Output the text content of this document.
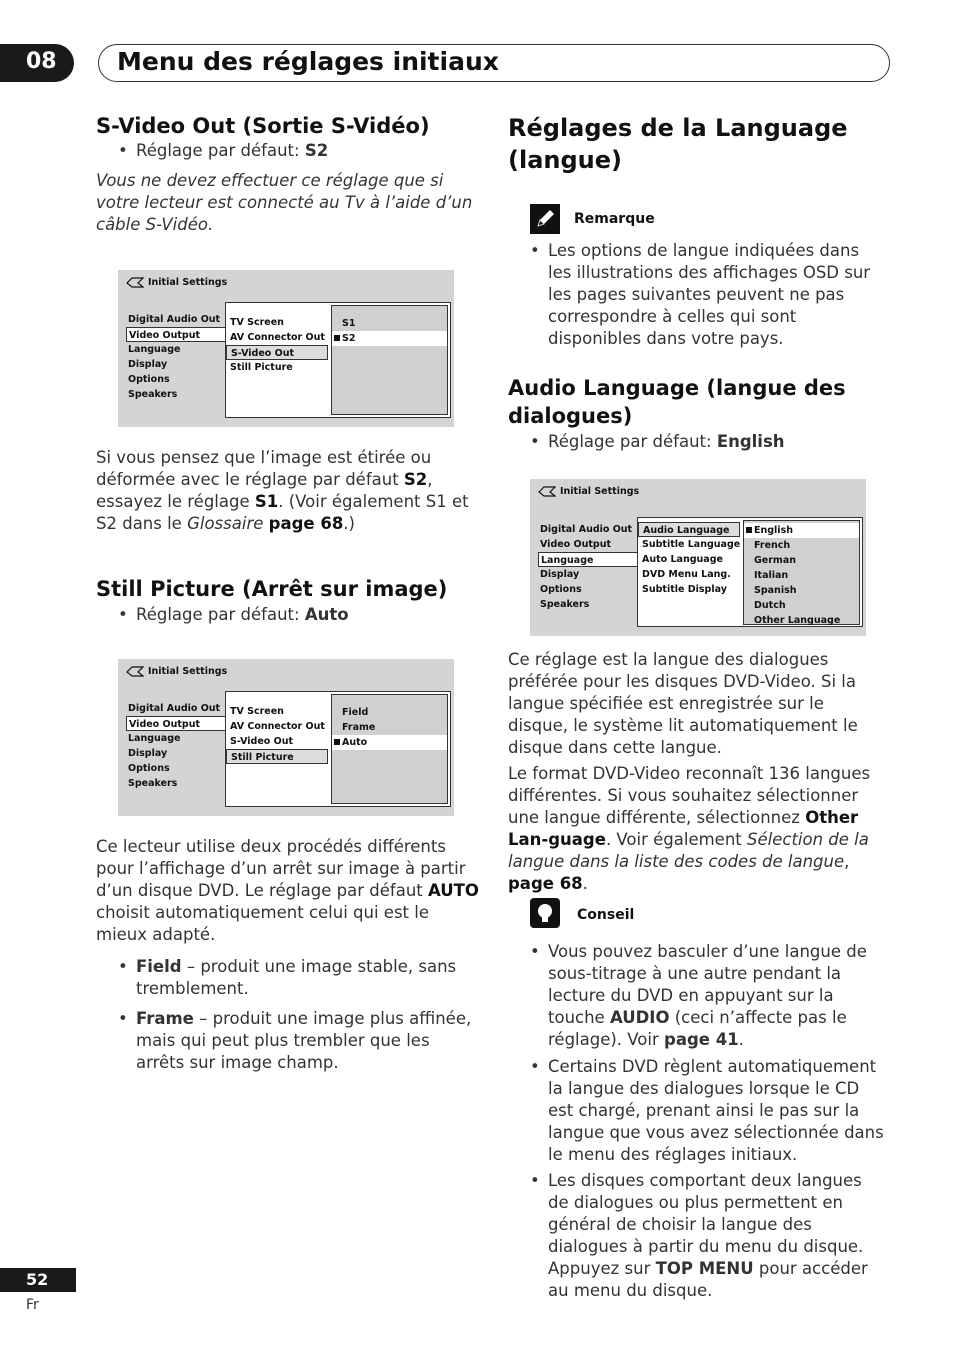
08 Menu des réglages initiaux
S-Video Out (Sortie S-Vidéo)
• Réglage par défaut: S2
Vous ne devez effectuer ce réglage que si votre lecteur est connecté au Tv à l’aide d’un câble S-Vidéo.
Initial Settings
Digital Audio Out
Video Output
Language
Display
Options
Speakers
TV Screen
AV Connector Out
S-Video Out
Still Picture
S1
S2
Si vous pensez que l’image est étirée ou déformée avec le réglage par défaut S2, essayez le réglage S1. (Voir également S1 et S2 dans le Glossaire page 68.)
Still Picture (Arrêt sur image)
• Réglage par défaut: Auto
Initial Settings
Digital Audio Out
Video Output
Language
Display
Options
Speakers
TV Screen
AV Connector Out
S-Video Out
Still Picture
Field
Frame
Auto
Ce lecteur utilise deux procédés différents pour l’affichage d’un arrêt sur image à partir d’un disque DVD. Le réglage par défaut AUTO choisit automatiquement celui qui est le mieux adapté.
• Field – produit une image stable, sans tremblement.
• Frame – produit une image plus affinée, mais qui peut plus trembler que les arrêts sur image champ.
Réglages de la Language (langue)
Remarque
• Les options de langue indiquées dans les illustrations des affichages OSD sur les pages suivantes peuvent ne pas correspondre à celles qui sont disponibles dans votre pays.
Audio Language (langue des dialogues)
• Réglage par défaut: English
Initial Settings
Digital Audio Out
Video Output
Language
Display
Options
Speakers
Audio Language
Subtitle Language
Auto Language
DVD Menu Lang.
Subtitle Display
English
French
German
Italian
Spanish
Dutch
Other Language
Ce réglage est la langue des dialogues préférée pour les disques DVD-Video. Si la langue spécifiée est enregistrée sur le disque, le système lit automatiquement le disque dans cette langue.
Le format DVD-Video reconnaît 136 langues différentes. Si vous souhaitez sélectionner une langue différente, sélectionnez Other Lan-guage. Voir également Sélection de la langue dans la liste des codes de langue, page 68.
Conseil
• Vous pouvez basculer d’une langue de sous-titrage à une autre pendant la lecture du DVD en appuyant sur la touche AUDIO (ceci n’affecte pas le réglage). Voir page 41.
• Certains DVD règlent automatiquement la langue des dialogues lorsque le CD est chargé, prenant ainsi le pas sur la langue que vous avez sélectionnée dans le menu des réglages initiaux.
• Les disques comportant deux langues de dialogues ou plus permettent en général de choisir la langue des dialogues à partir du menu du disque. Appuyez sur TOP MENU pour accéder au menu du disque.
52
Fr
